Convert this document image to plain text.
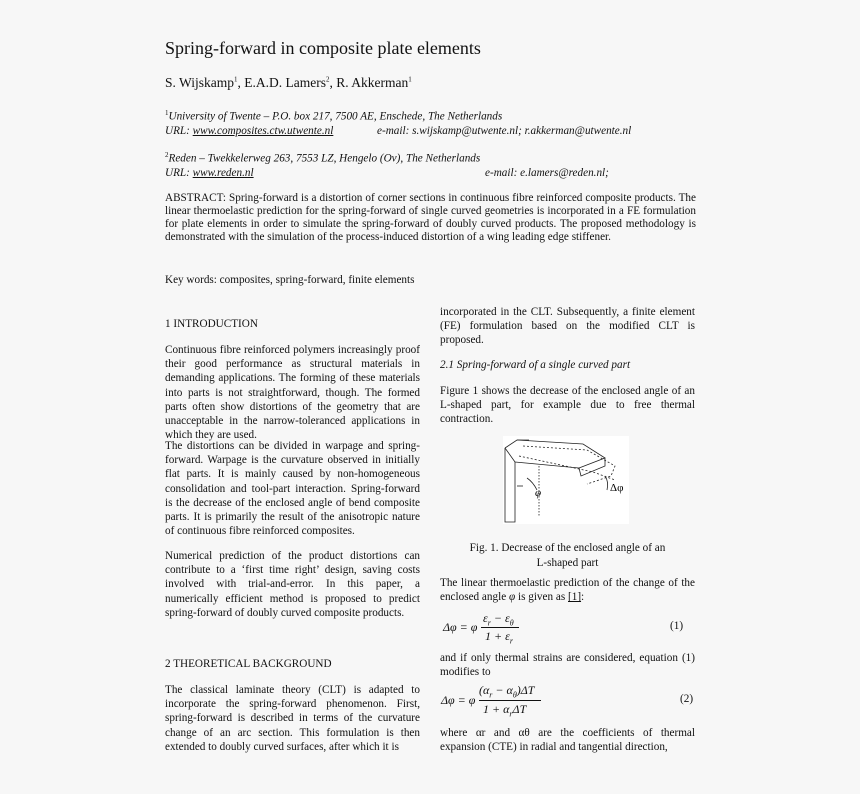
Spring-forward in composite plate elements
S. Wijskamp$^1$, E.A.D. Lamers$^2$, R. Akkerman$^1$
$^1$University of Twente – P.O. box 217, 7500 AE, Enschede, The Netherlands
URL: www.composites.ctw.utwente.nl	e-mail: s.wijskamp@utwente.nl; r.akkerman@utwente.nl
$^2$Reden – Twekkelerweg 263, 7553 LZ, Hengelo (Ov), The Netherlands
URL: www.reden.nl	e-mail: e.lamers@reden.nl;
ABSTRACT: Spring-forward is a distortion of corner sections in continuous fibre reinforced composite products. The linear thermoelastic prediction for the spring-forward of single curved geometries is incorporated in a FE formulation for plate elements in order to simulate the spring-forward of doubly curved products. The proposed methodology is demonstrated with the simulation of the process-induced distortion of a wing leading edge stiffener.
Key words: composites, spring-forward, finite elements
1 INTRODUCTION
Continuous fibre reinforced polymers increasingly proof their good performance as structural materials in demanding applications. The forming of these materials into parts is not straightforward, though. The formed parts often show distortions of the geometry that are unacceptable in the narrow-toleranced applications in which they are used.
The distortions can be divided in warpage and spring-forward. Warpage is the curvature observed in initially flat parts. It is mainly caused by non-homogeneous consolidation and tool-part interaction. Spring-forward is the decrease of the enclosed angle of bend composite parts. It is primarily the result of the anisotropic nature of continuous fibre reinforced composites.
Numerical prediction of the product distortions can contribute to a ‘first time right’ design, saving costs involved with trial-and-error. In this paper, a numerically efficient method is proposed to predict spring-forward of doubly curved composite products.
2 THEORETICAL BACKGROUND
The classical laminate theory (CLT) is adapted to incorporate the spring-forward phenomenon. First, spring-forward is described in terms of the curvature change of an arc section. This formulation is then extended to doubly curved surfaces, after which it is
incorporated in the CLT. Subsequently, a finite element (FE) formulation based on the modified CLT is proposed.
2.1 Spring-forward of a single curved part
Figure 1 shows the decrease of the enclosed angle of an L-shaped part, for example due to free thermal contraction.
φ	Δφ
Fig. 1. Decrease of the enclosed angle of an
L-shaped part
The linear thermoelastic prediction of the change of the enclosed angle φ is given as [1]:
Δφ = φ
$\varepsilon_r - \varepsilon_\theta$
$1 + \varepsilon_r$
(1)
and if only thermal strains are considered, equation (1) modifies to
Δφ = φ
$(\alpha_r - \alpha_\theta)\Delta T$
$1 + \alpha_r\Delta T$
(2)
where αr and αθ are the coefficients of thermal expansion (CTE) in radial and tangential direction,
